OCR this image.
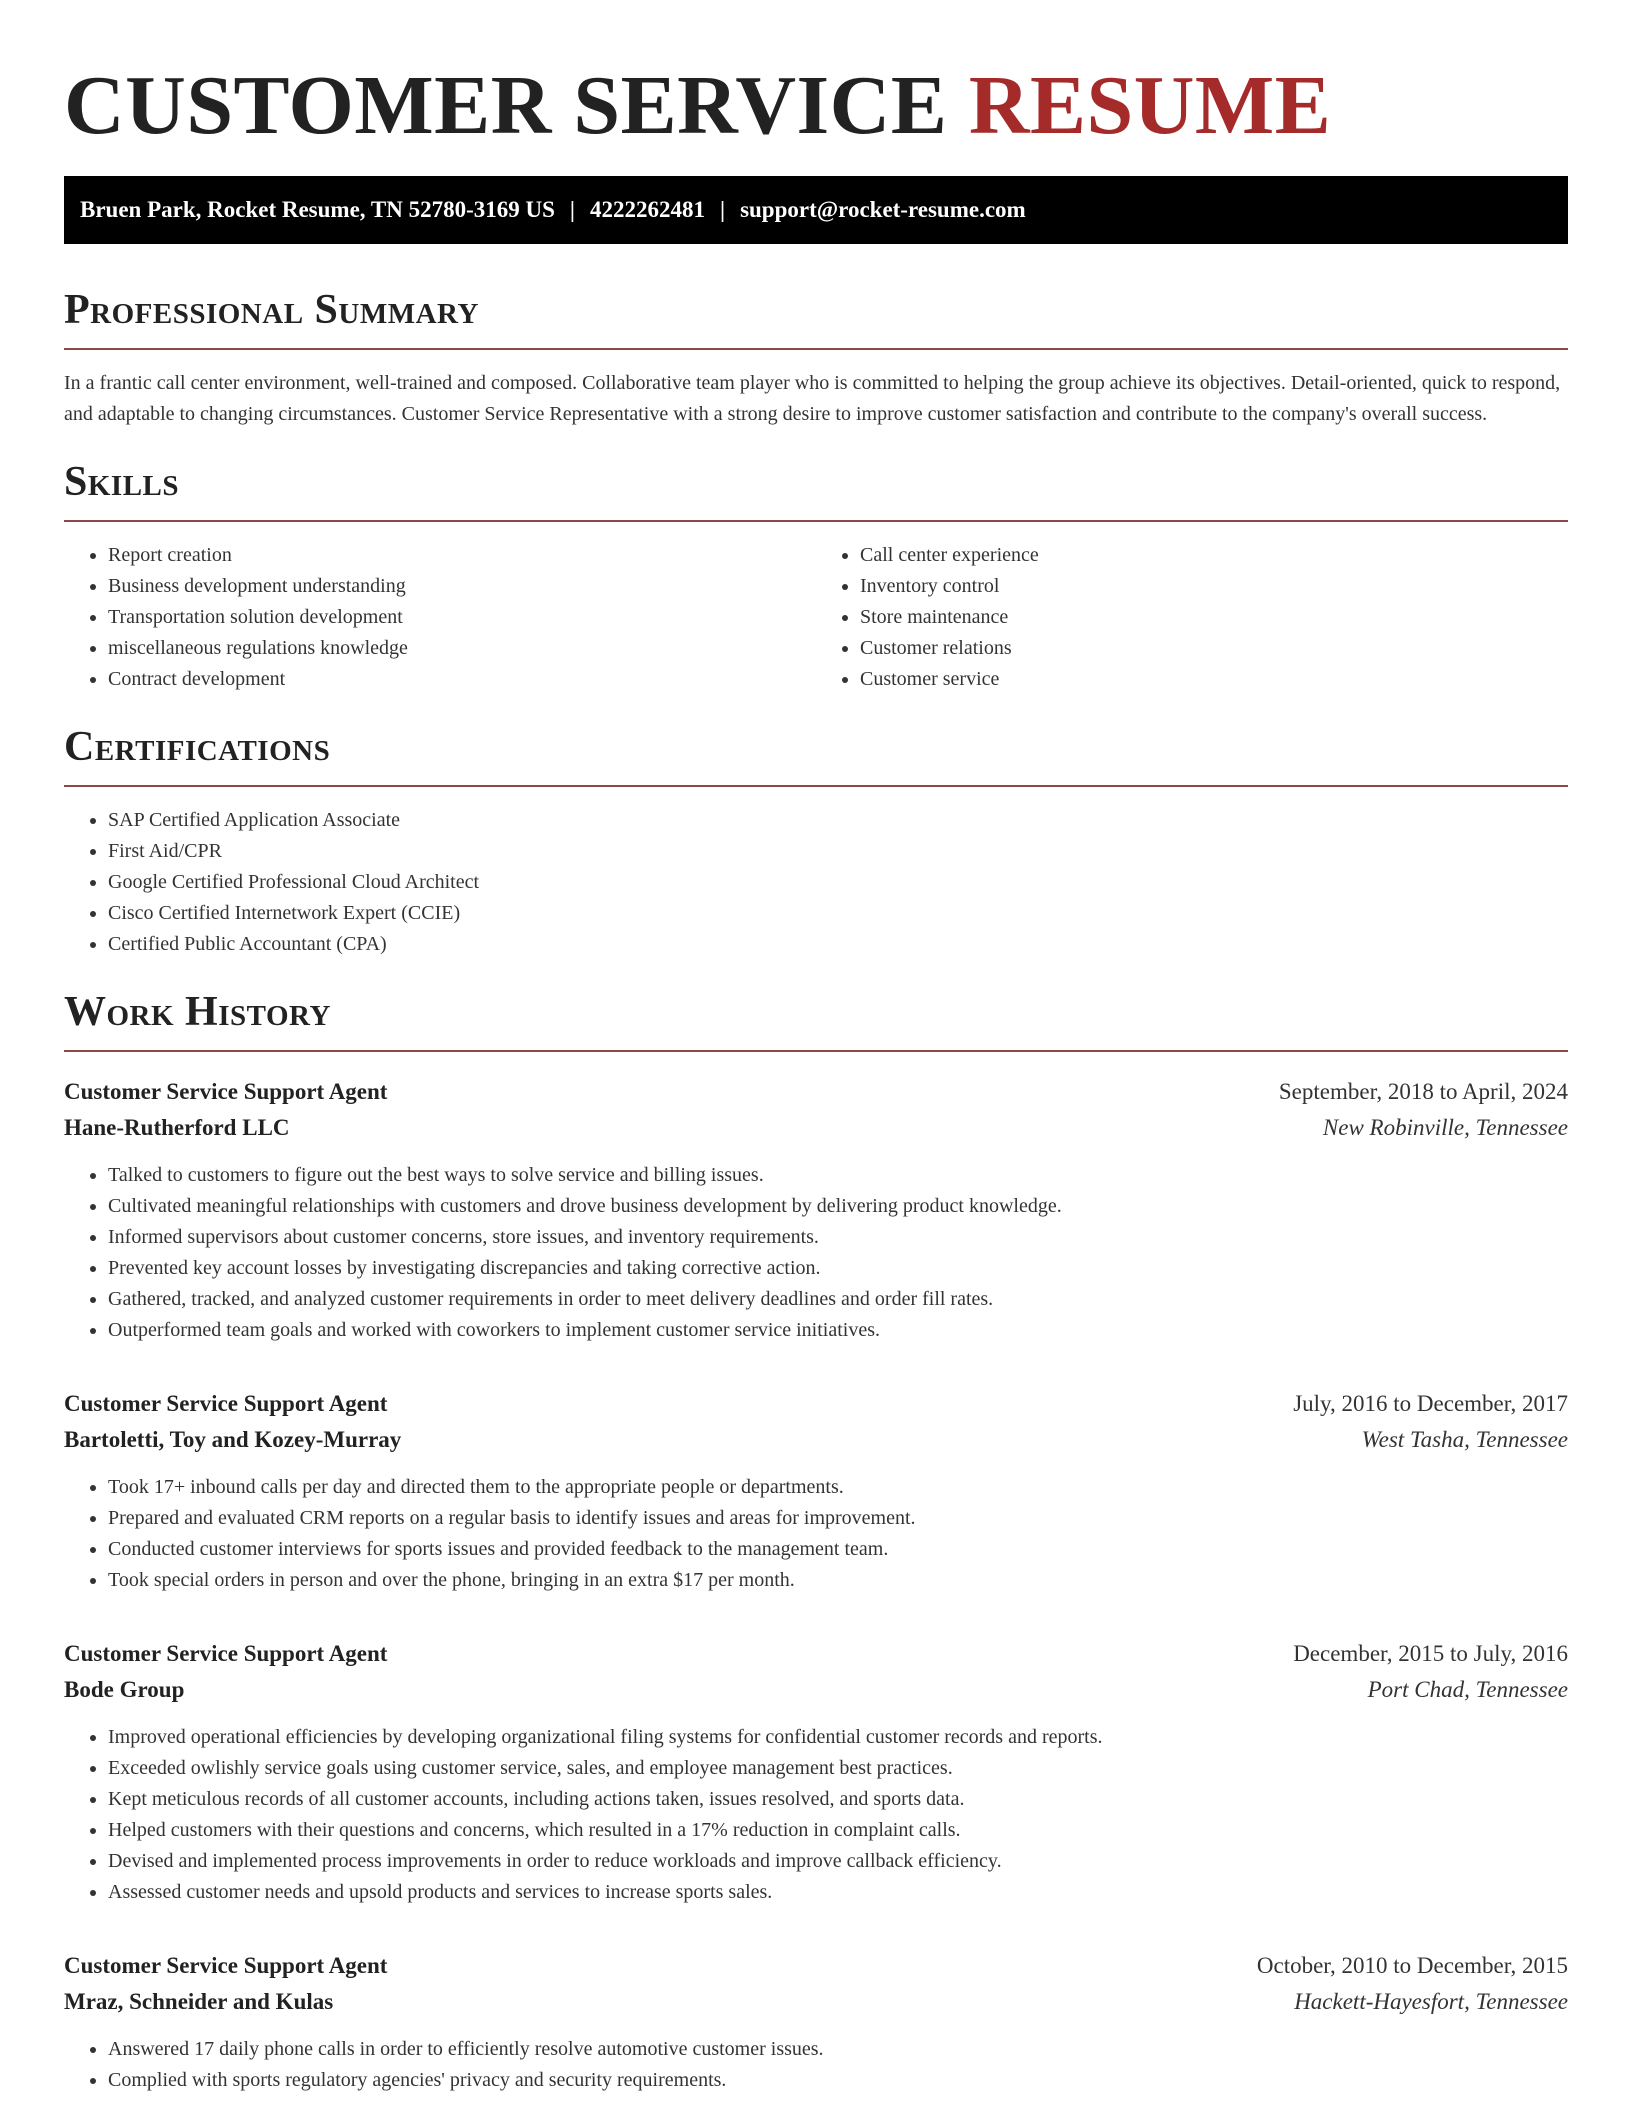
CUSTOMER SERVICE RESUME
Bruen Park, Rocket Resume, TN 52780-3169 US | 4222262481 | support@rocket-resume.com
Professional Summary

In a frantic call center environment, well-trained and composed. Collaborative team player who is committed to helping the group achieve its objectives. Detail-oriented, quick to respond, and adaptable to changing circumstances. Customer Service Representative with a strong desire to improve customer satisfaction and contribute to the company's overall success.

Skills
• Report creation
• Business development understanding
• Transportation solution development
• miscellaneous regulations knowledge
• Contract development
• Call center experience
• Inventory control
• Store maintenance
• Customer relations
• Customer service
Certifications
• SAP Certified Application Associate
• First Aid/CPR
• Google Certified Professional Cloud Architect
• Cisco Certified Internetwork Expert (CCIE)
• Certified Public Accountant (CPA)
Work History
Customer Service Support Agent	September, 2018 to April, 2024
Hane-Rutherford LLC	New Robinville, Tennessee
• Talked to customers to figure out the best ways to solve service and billing issues.
• Cultivated meaningful relationships with customers and drove business development by delivering product knowledge.
• Informed supervisors about customer concerns, store issues, and inventory requirements.
• Prevented key account losses by investigating discrepancies and taking corrective action.
• Gathered, tracked, and analyzed customer requirements in order to meet delivery deadlines and order fill rates.
• Outperformed team goals and worked with coworkers to implement customer service initiatives.
Customer Service Support Agent	July, 2016 to December, 2017
Bartoletti, Toy and Kozey-Murray	West Tasha, Tennessee
• Took 17+ inbound calls per day and directed them to the appropriate people or departments.
• Prepared and evaluated CRM reports on a regular basis to identify issues and areas for improvement.
• Conducted customer interviews for sports issues and provided feedback to the management team.
• Took special orders in person and over the phone, bringing in an extra $17 per month.
Customer Service Support Agent	December, 2015 to July, 2016
Bode Group	Port Chad, Tennessee
• Improved operational efficiencies by developing organizational filing systems for confidential customer records and reports.
• Exceeded owlishly service goals using customer service, sales, and employee management best practices.
• Kept meticulous records of all customer accounts, including actions taken, issues resolved, and sports data.
• Helped customers with their questions and concerns, which resulted in a 17% reduction in complaint calls.
• Devised and implemented process improvements in order to reduce workloads and improve callback efficiency.
• Assessed customer needs and upsold products and services to increase sports sales.
Customer Service Support Agent	October, 2010 to December, 2015
Mraz, Schneider and Kulas	Hackett-Hayesfort, Tennessee
• Answered 17 daily phone calls in order to efficiently resolve automotive customer issues.
• Complied with sports regulatory agencies' privacy and security requirements.
